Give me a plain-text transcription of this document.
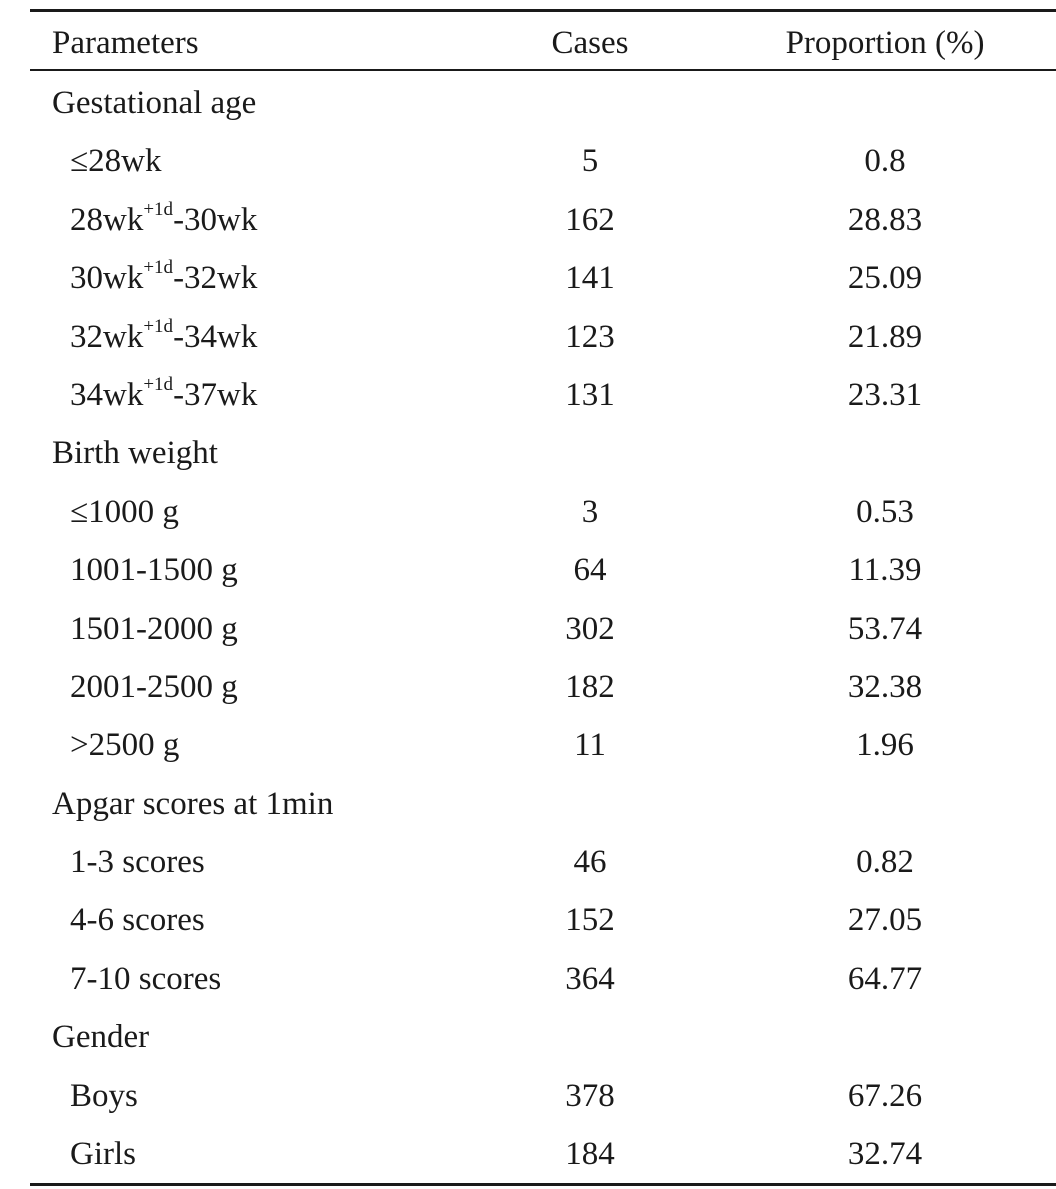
Parameters	Cases	Proportion (%)
Gestational age
≤28wk	5	0.8
$28wk^{+1d}-30wk$	162	28.83
$30wk^{+1d}-32wk$	141	25.09
$32wk^{+1d}-34wk$	123	21.89
$34wk^{+1d}-37wk$	131	23.31
Birth weight
≤1000 g	3	0.53
1001-1500 g	64	11.39
1501-2000 g	302	53.74
2001-2500 g	182	32.38
>2500 g	11	1.96
Apgar scores at 1min
1-3 scores	46	0.82
4-6 scores	152	27.05
7-10 scores	364	64.77
Gender
Boys	378	67.26
Girls	184	32.74
